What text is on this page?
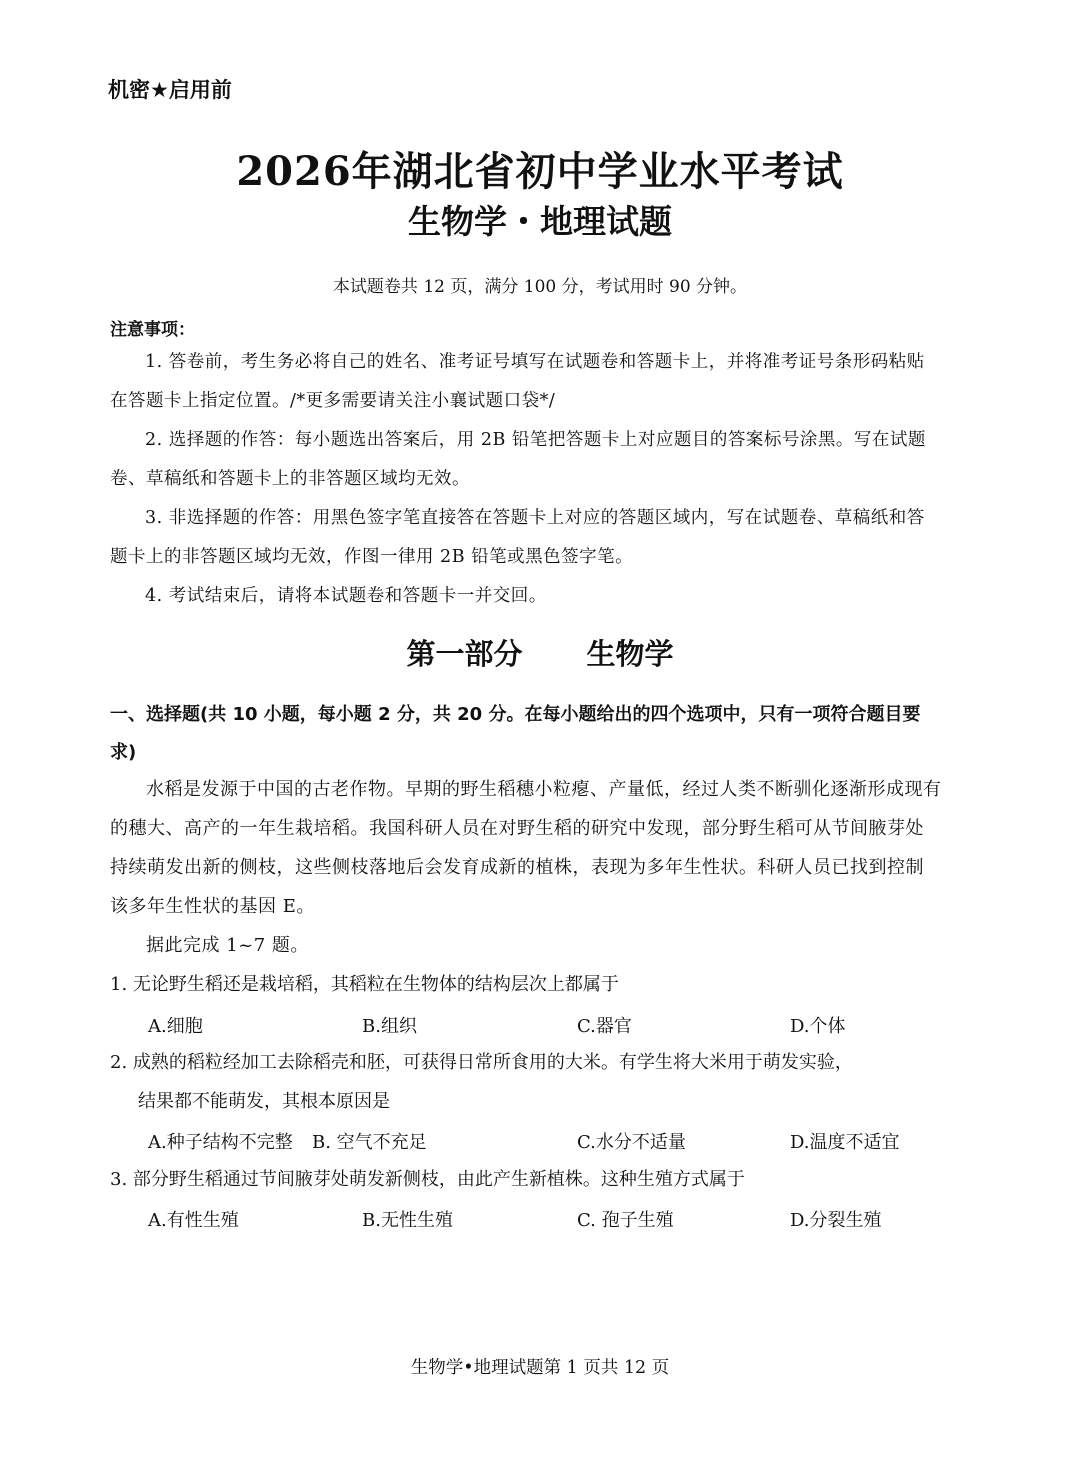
机密★启用前
2026年湖北省初中学业水平考试
生物学・地理试题
本试题卷共 12 页，满分 100 分，考试用时 90 分钟。
注意事项：
1. 答卷前，考生务必将自己的姓名、准考证号填写在试题卷和答题卡上，并将准考证号条形码粘贴在答题卡上指定位置。/*更多需要请关注小襄试题口袋*/
2. 选择题的作答：每小题选出答案后，用 2B 铅笔把答题卡上对应题目的答案标号涂黑。写在试题卷、草稿纸和答题卡上的非答题区域均无效。
3. 非选择题的作答：用黑色签字笔直接答在答题卡上对应的答题区域内，写在试题卷、草稿纸和答题卡上的非答题区域均无效，作图一律用 2B 铅笔或黑色签字笔。
4. 考试结束后，请将本试题卷和答题卡一并交回。
第一部分 生物学
一、选择题(共 10 小题，每小题 2 分，共 20 分。在每小题给出的四个选项中，只有一项符合题目要求)
水稻是发源于中国的古老作物。早期的野生稻穗小粒瘪、产量低，经过人类不断驯化逐渐形成现有的穗大、高产的一年生栽培稻。我国科研人员在对野生稻的研究中发现，部分野生稻可从节间腋芽处持续萌发出新的侧枝，这些侧枝落地后会发育成新的植株，表现为多年生性状。科研人员已找到控制该多年生性状的基因 E。
据此完成 1~7 题。
1. 无论野生稻还是栽培稻，其稻粒在生物体的结构层次上都属于
A.细胞	B.组织	C.器官	D.个体
2. 成熟的稻粒经加工去除稻壳和胚，可获得日常所食用的大米。有学生将大米用于萌发实验，
结果都不能萌发，其根本原因是
A.种子结构不完整 B. 空气不充足	C.水分不适量	D.温度不适宜
3. 部分野生稻通过节间腋芽处萌发新侧枝，由此产生新植株。这种生殖方式属于
A.有性生殖	B.无性生殖	C. 孢子生殖	D.分裂生殖
生物学•地理试题第 1 页共 12 页
